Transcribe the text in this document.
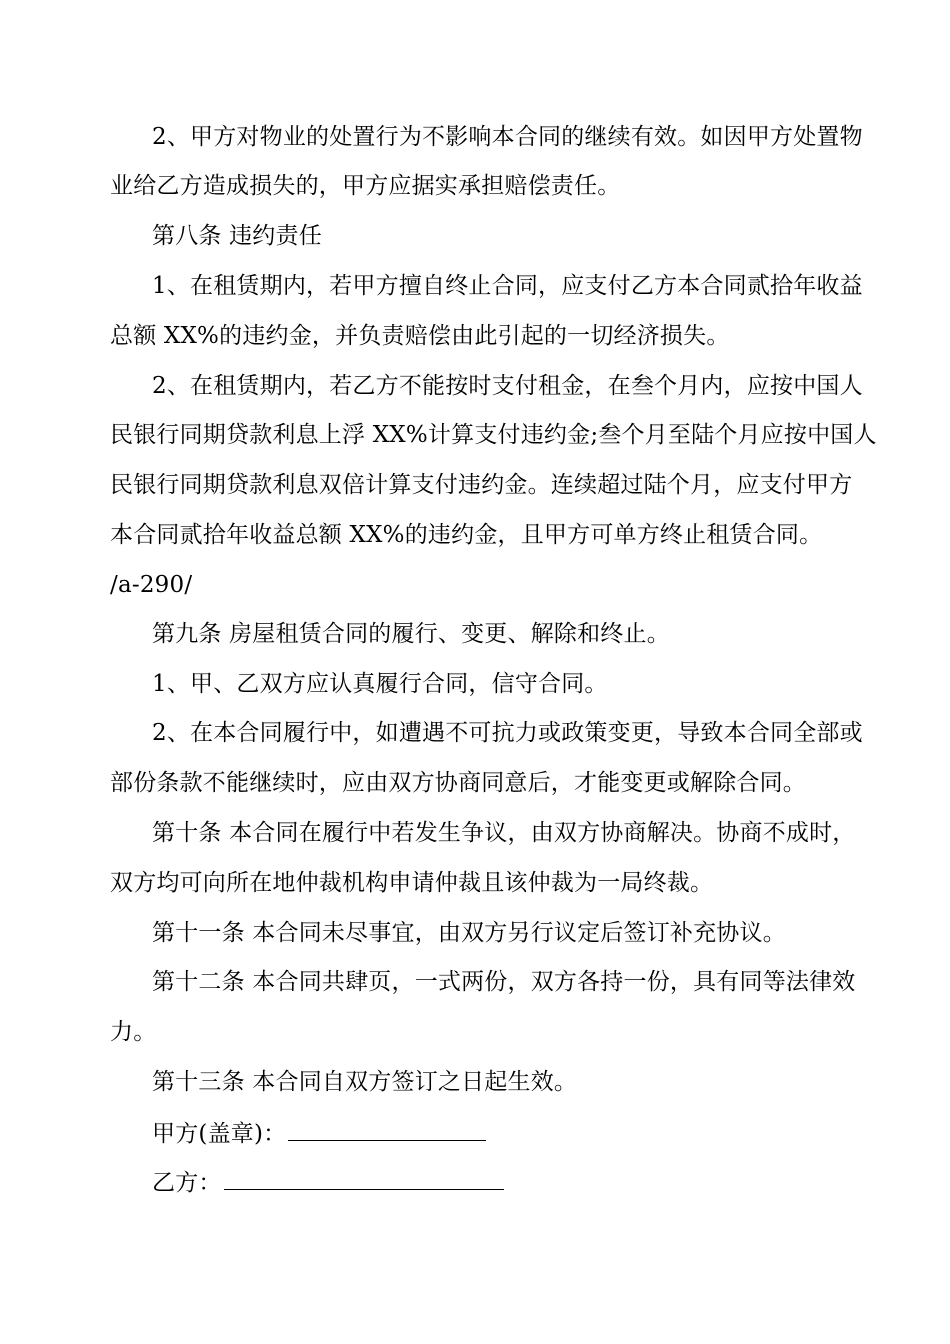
2、甲方对物业的处置行为不影响本合同的继续有效。如因甲方处置物
业给乙方造成损失的，甲方应据实承担赔偿责任。
第八条 违约责任
1、在租赁期内，若甲方擅自终止合同，应支付乙方本合同贰拾年收益
总额 XX%的违约金，并负责赔偿由此引起的一切经济损失。
2、在租赁期内，若乙方不能按时支付租金，在叁个月内，应按中国人
民银行同期贷款利息上浮 XX%计算支付违约金;叁个月至陆个月应按中国人
民银行同期贷款利息双倍计算支付违约金。连续超过陆个月，应支付甲方
本合同贰拾年收益总额 XX%的违约金，且甲方可单方终止租赁合同。
/a-290/
第九条 房屋租赁合同的履行、变更、解除和终止。
1、甲、乙双方应认真履行合同，信守合同。
2、在本合同履行中，如遭遇不可抗力或政策变更，导致本合同全部或
部份条款不能继续时，应由双方协商同意后，才能变更或解除合同。
第十条 本合同在履行中若发生争议，由双方协商解决。协商不成时，
双方均可向所在地仲裁机构申请仲裁且该仲裁为一局终裁。
第十一条 本合同未尽事宜，由双方另行议定后签订补充协议。
第十二条 本合同共肆页，一式两份，双方各持一份，具有同等法律效
力。
第十三条 本合同自双方签订之日起生效。
甲方(盖章)：
乙方：
